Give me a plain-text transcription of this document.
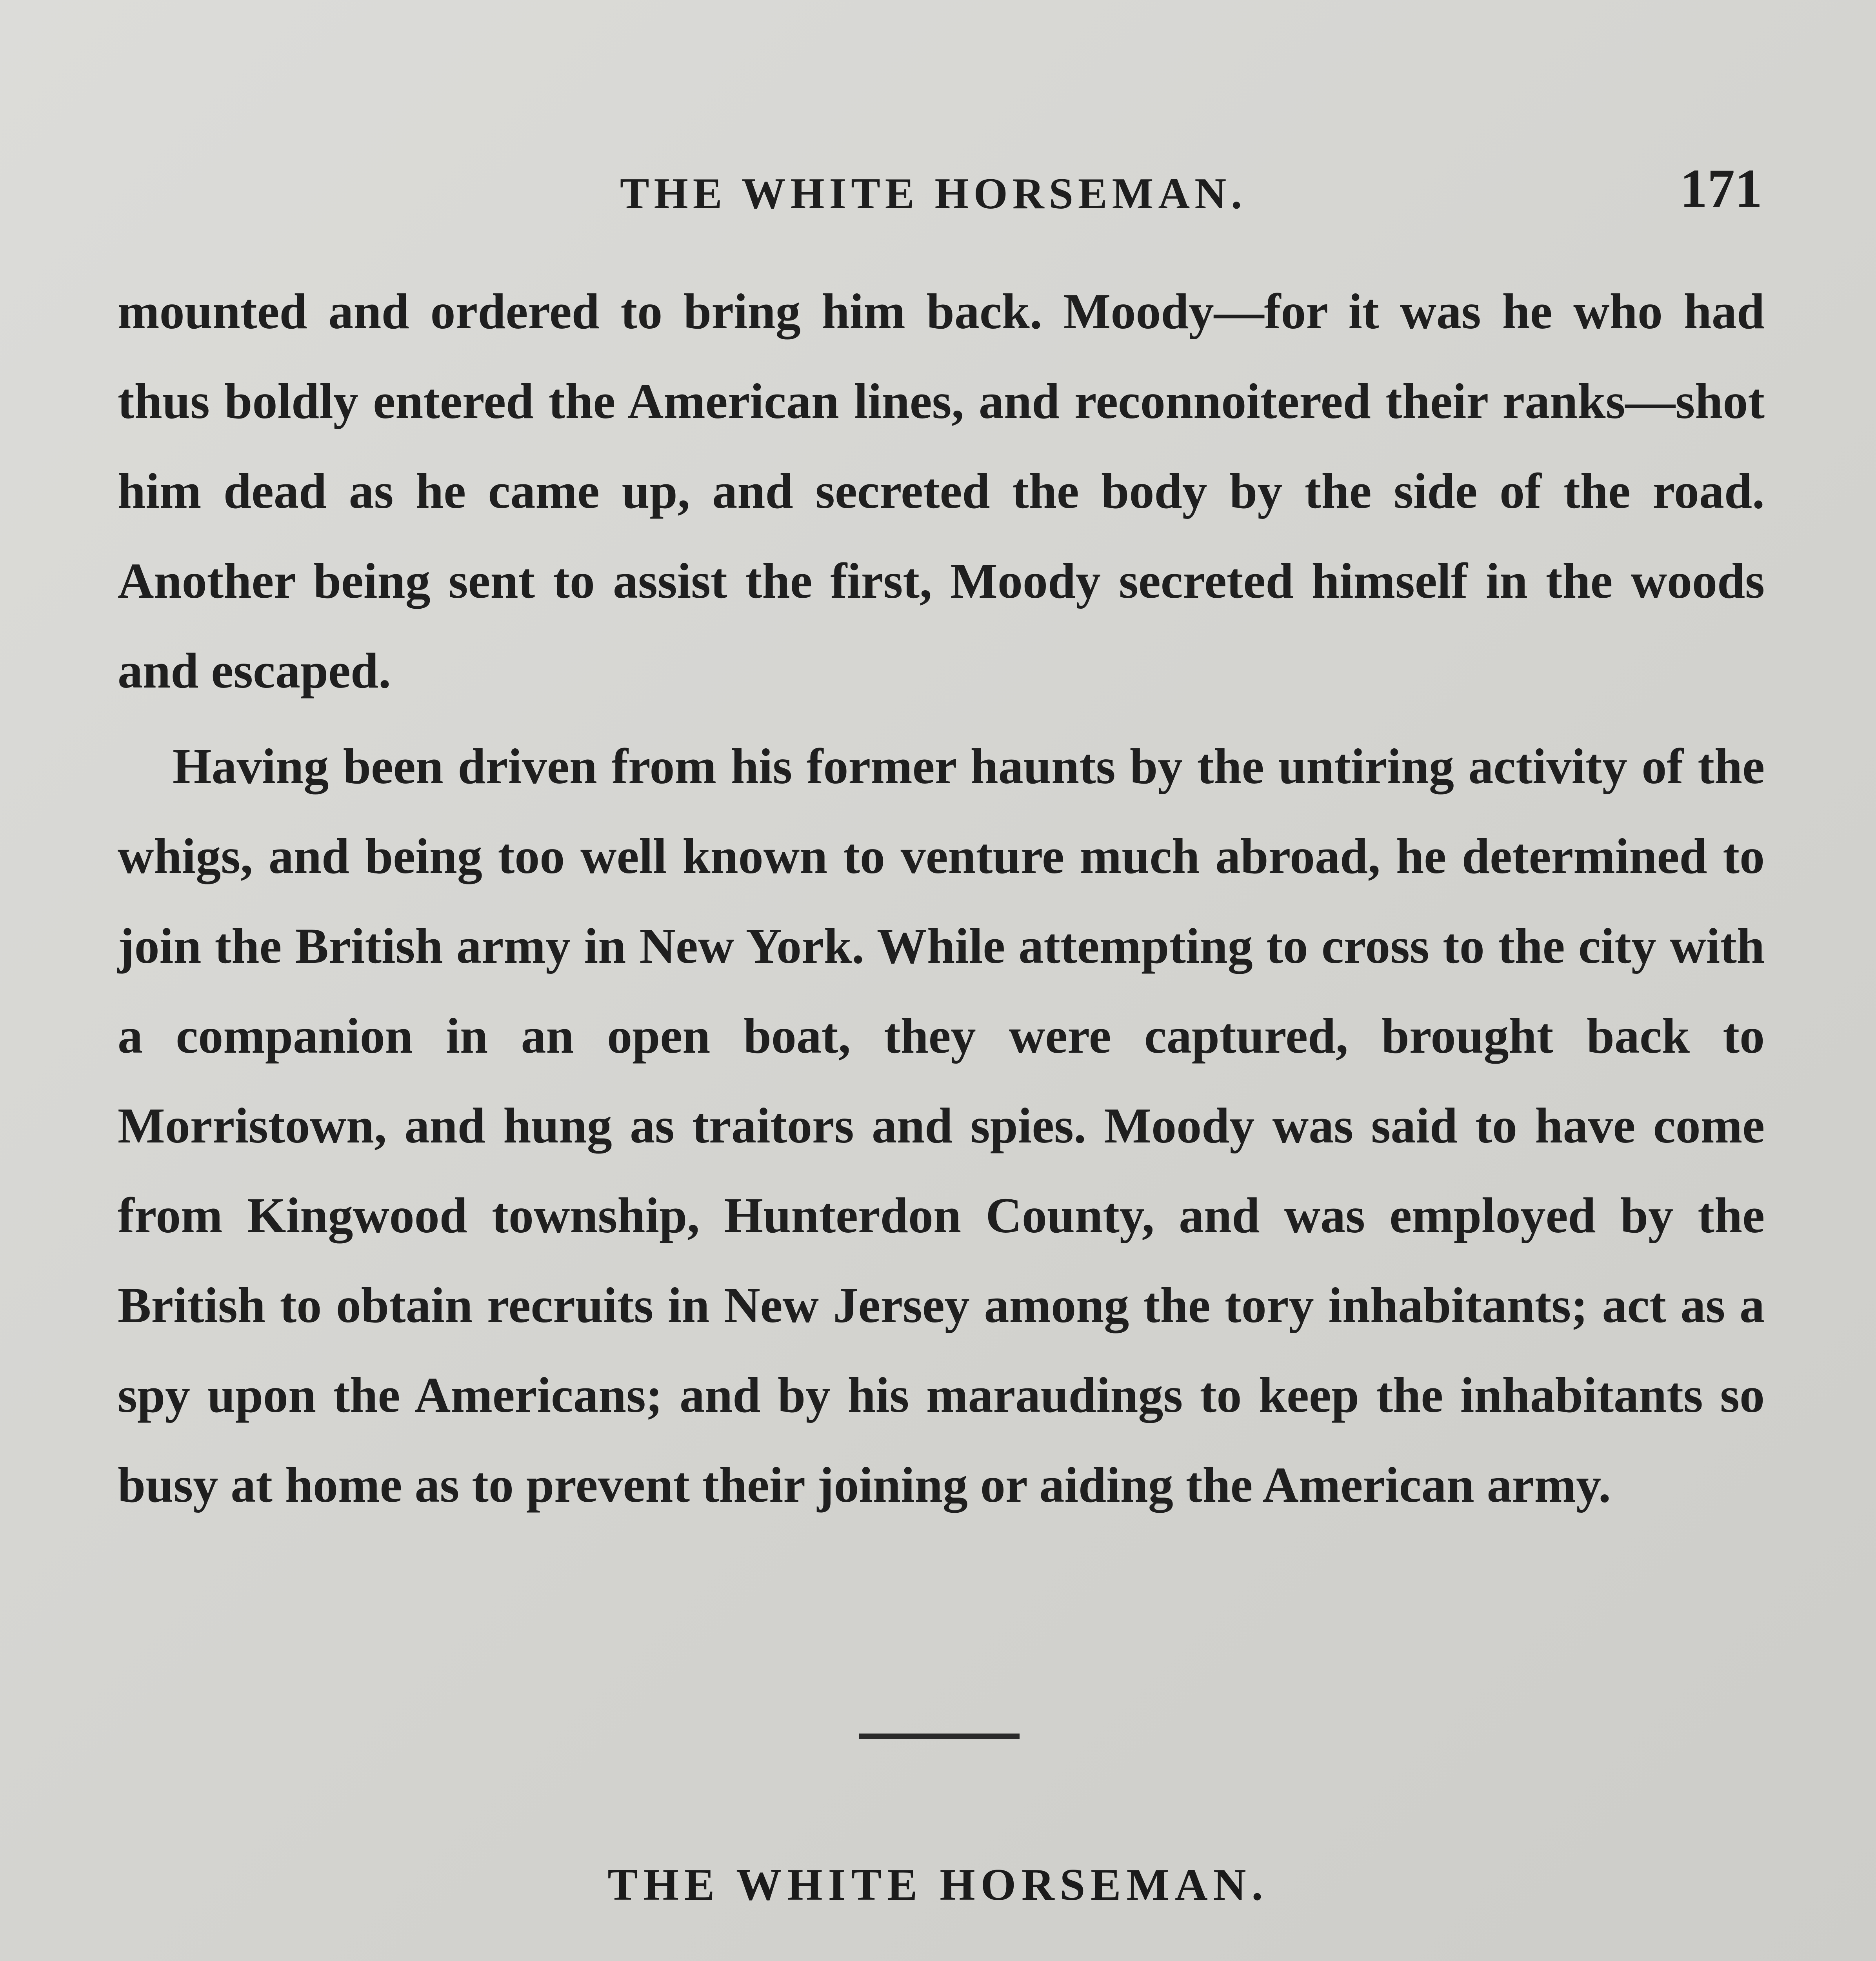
THE WHITE HORSEMAN.	171

mounted and ordered to bring him back. Moody—for it was he who had thus boldly entered the American lines, and reconnoitered their ranks—shot him dead as he came up, and secreted the body by the side of the road. Another being sent to assist the first, Moody secreted himself in the woods and escaped.

Having been driven from his former haunts by the untiring activity of the whigs, and being too well known to venture much abroad, he determined to join the British army in New York. While attempting to cross to the city with a companion in an open boat, they were captured, brought back to Morristown, and hung as traitors and spies. Moody was said to have come from Kingwood township, Hunterdon County, and was employed by the British to obtain recruits in New Jersey among the tory inhabitants; act as a spy upon the Americans; and by his maraudings to keep the inhabitants so busy at home as to prevent their joining or aiding the American army.

THE WHITE HORSEMAN.
